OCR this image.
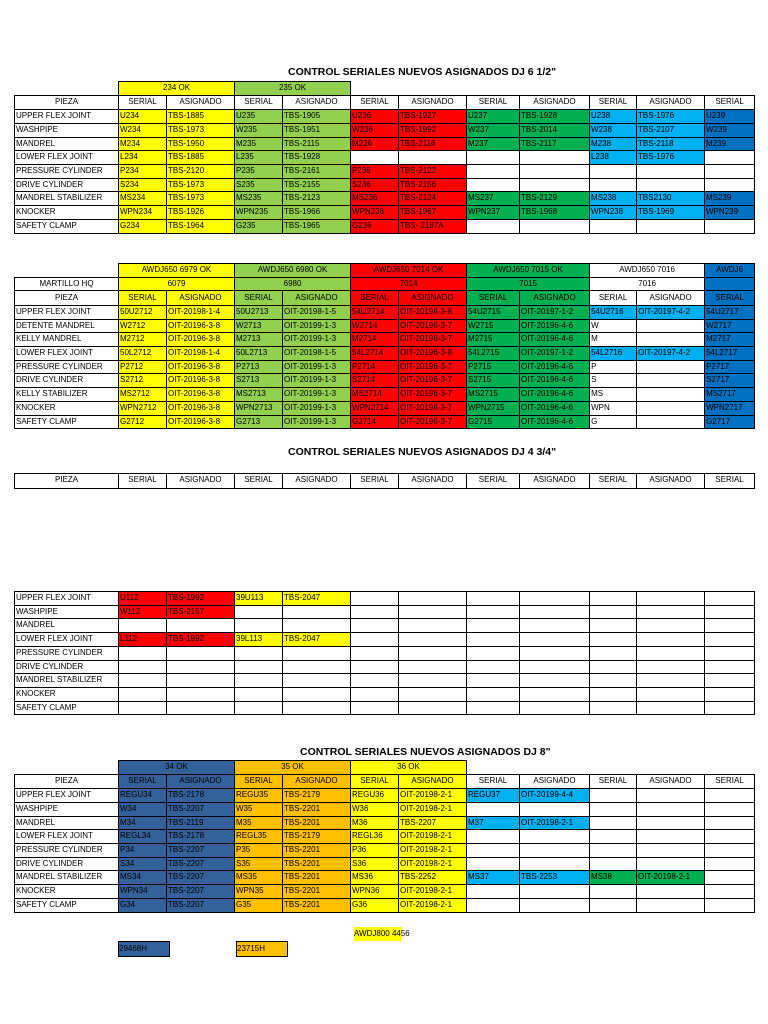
CONTROL SERIALES NUEVOS ASIGNADOS DJ 6 1/2"
	234 OK		235 OK								
PIEZA	SERIAL	ASIGNADO	SERIAL	ASIGNADO	SERIAL	ASIGNADO	SERIAL	ASIGNADO	SERIAL	ASIGNADO	SERIAL
UPPER FLEX JOINT	U234	TBS-1885	U235	TBS-1905	U236	TBS-1927	U237	TBS-1928	U238	TBS-1976	U239
WASHPIPE	W234	TBS-1973	W235	TBS-1951	W236	TBS-1992	W237	TBS-2014	W238	TBS-2107	W239
MANDREL	M234	TBS-1950	M235	TBS-2115	M236	TBS-2116	M237	TBS-2117	M238	TBS-2118	M239
LOWER FLEX JOINT	L234	TBS-1885	L235	TBS-1928					L238	TBS-1976	
PRESSURE CYLINDER	P234	TBS-2120	P235	TBS-2161	P236	TBS-2122					
DRIVE CYLINDER	S234	TBS-1973	S235	TBS-2155	S236	TBS-2156					
MANDREL STABILIZER	MS234	TBS-1973	MS235	TBS-2123	MS236	TBS-2124	MS237	TBS-2129	MS238	TBS2130	MS239
KNOCKER	WPN234	TBS-1926	WPN235	TBS-1966	WPN236	TBS-1967	WPN237	TBS-1968	WPN238	TBS-1969	WPN239
SAFETY CLAMP	G234	TBS-1964	G235	TBS-1965	G236	TBS- 2187A					
	AWDJ650 6979 OK		AWDJ650 6980 OK		AWDJ650 7014 OK		AWDJ650 7015 OK		AWDJ650 7016		AWDJ6
MARTILLO HQ	6079		6980		7014		7015		7016		
PIEZA	SERIAL	ASIGNADO	SERIAL	ASIGNADO	SERIAL	ASIGNADO	SERIAL	ASIGNADO	SERIAL	ASIGNADO	SERIAL
UPPER FLEX JOINT	50U2712	OIT-20198-1-4	50U2713	OIT-20198-1-5	54U2714	OIT-20196-3-8	54U2715	OIT-20197-1-2	54U2716	OIT-20197-4-2	54U2717
DETENTE MANDREL	W2712	OIT-20196-3-8	W2713	OIT-20199-1-3	W2714	OIT-20196-3-7	W2715	OIT-20196-4-6	W		W2717
KELLY MANDREL	M2712	OIT-20196-3-8	M2713	OIT-20199-1-3	M2714	OIT-20196-3-7	M2715	OIT-20196-4-6	M		M2717
LOWER FLEX JOINT	50L2712	OIT-20198-1-4	50L2713	OIT-20198-1-5	54L2714	OIT-20196-3-8	54L2715	OIT-20197-1-2	54L2716	OIT-20197-4-2	54L2717
PRESSURE CYLINDER	P2712	OIT-20196-3-8	P2713	OIT-20199-1-3	P2714	OIT-20196-3-7	P2715	OIT-20196-4-6	P		P2717
DRIVE CYLINDER	S2712	OIT-20196-3-8	S2713	OIT-20199-1-3	S2714	OIT-20196-3-7	S2715	OIT-20196-4-6	S		S2717
KELLY STABILIZER	MS2712	OIT-20196-3-8	MS2713	OIT-20199-1-3	MS2714	OIT-20196-3-7	MS2715	OIT-20196-4-6	MS		MS2717
KNOCKER	WPN2712	OIT-20196-3-8	WPN2713	OIT-20199-1-3	WPN2714	OIT-20196-3-7	WPN2715	OIT-20196-4-6	WPN		WPN2717
SAFETY CLAMP	G2712	OIT-20196-3-8	G2713	OIT-20199-1-3	G2714	OIT-20196-3-7	G2715	OIT-20196-4-6	G		G2717
CONTROL SERIALES NUEVOS ASIGNADOS DJ 4 3/4"
PIEZA	SERIAL	ASIGNADO	SERIAL	ASIGNADO	SERIAL	ASIGNADO	SERIAL	ASIGNADO	SERIAL	ASIGNADO	SERIAL
UPPER FLEX JOINT	U112	TBS-1992	39U113	TBS-2047							
WASHPIPE	W112	TBS-2157									
MANDREL											
LOWER FLEX JOINT	L112	TBS-1992	39L113	TBS-2047							
PRESSURE CYLINDER											
DRIVE CYLINDER											
MANDREL STABILIZER											
KNOCKER											
SAFETY CLAMP											
CONTROL SERIALES NUEVOS ASIGNADOS DJ 8"
	34 OK		35 OK		36 OK						
PIEZA	SERIAL	ASIGNADO	SERIAL	ASIGNADO	SERIAL	ASIGNADO	SERIAL	ASIGNADO	SERIAL	ASIGNADO	SERIAL
UPPER FLEX JOINT	REGU34	TBS-2178	REGU35	TBS-2179	REGU36	OIT-20198-2-1	REGU37	OIT-20199-4-4			
WASHPIPE	W34	TBS-2207	W35	TBS-2201	W36	OIT-20198-2-1					
MANDREL	M34	TBS-2119	M35	TBS-2201	M36	TBS-2207	M37	OIT-20198-2-1			
LOWER FLEX JOINT	REGL34	TBS-2178	REGL35	TBS-2179	REGL36	OIT-20198-2-1					
PRESSURE CYLINDER	P34	TBS-2207	P35	TBS-2201	P36	OIT-20198-2-1					
DRIVE CYLINDER	S34	TBS-2207	S35	TBS-2201	S36	OIT-20198-2-1					
MANDREL STABILIZER	MS34	TBS-2207	MS35	TBS-2201	MS36	TBS-2252	MS37	TBS-2253	MS38	OIT-20198-2-1	
KNOCKER	WPN34	TBS-2207	WPN35	TBS-2201	WPN36	OIT-20198-2-1					
SAFETY CLAMP	G34	TBS-2207	G35	TBS-2201	G36	OIT-20198-2-1					
AWDJ800 4456
29468H	23715H
